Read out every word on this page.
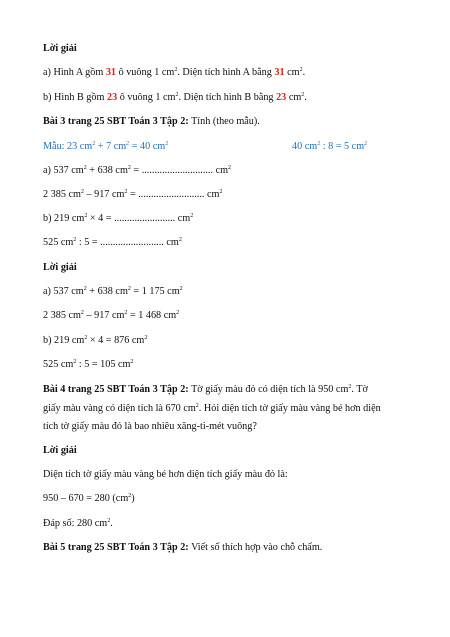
Lời giải
a) Hình A gồm 31 ô vuông 1 $cm^2$. Diện tích hình A bằng 31 $cm^2$.
b) Hình B gồm 23 ô vuông 1 $cm^2$. Diện tích hình B bằng 23 $cm^2$.
Bài 3 trang 25 SBT Toán 3 Tập 2: Tính (theo mẫu).
Mẫu: 23 $cm^2 + 7$ $cm^2 = 40$ $cm^2$	40 $cm^2$ : 8 = 5 $cm^2$
a) 537 $cm^2 + 638$ $cm^2$ = ............................ $cm^2$
2 385 $cm^2 - 917$ $cm^2$ = .......................... $cm^2$
b) 219 $cm^2 \times 4$ = ........................ $cm^2$
525 $cm^2$ : 5 = ......................... $cm^2$
Lời giải
a) 537 $cm^2 + 638$ $cm^2 = 1$ 175 $cm^2$
2 385 $cm^2 - 917$ $cm^2 = 1$ 468 $cm^2$
b) 219 $cm^2 \times 4 = 876$ $cm^2$
525 $cm^2$ : 5 = 105 $cm^2$
Bài 4 trang 25 SBT Toán 3 Tập 2: Tờ giấy màu đỏ có diện tích là 950 $cm^2$. Tờ
giấy màu vàng có diện tích là 670 $cm^2$. Hỏi diện tích tờ giấy màu vàng bé hơn diện
tích tờ giấy màu đỏ là bao nhiêu xăng-ti-mét vuông?
Lời giải
Diện tích tờ giấy màu vàng bé hơn diện tích giấy màu đỏ là:
950 – 670 = 280 $(cm^2)$
Đáp số: 280 $cm^2$.
Bài 5 trang 25 SBT Toán 3 Tập 2: Viết số thích hợp vào chỗ chấm.
